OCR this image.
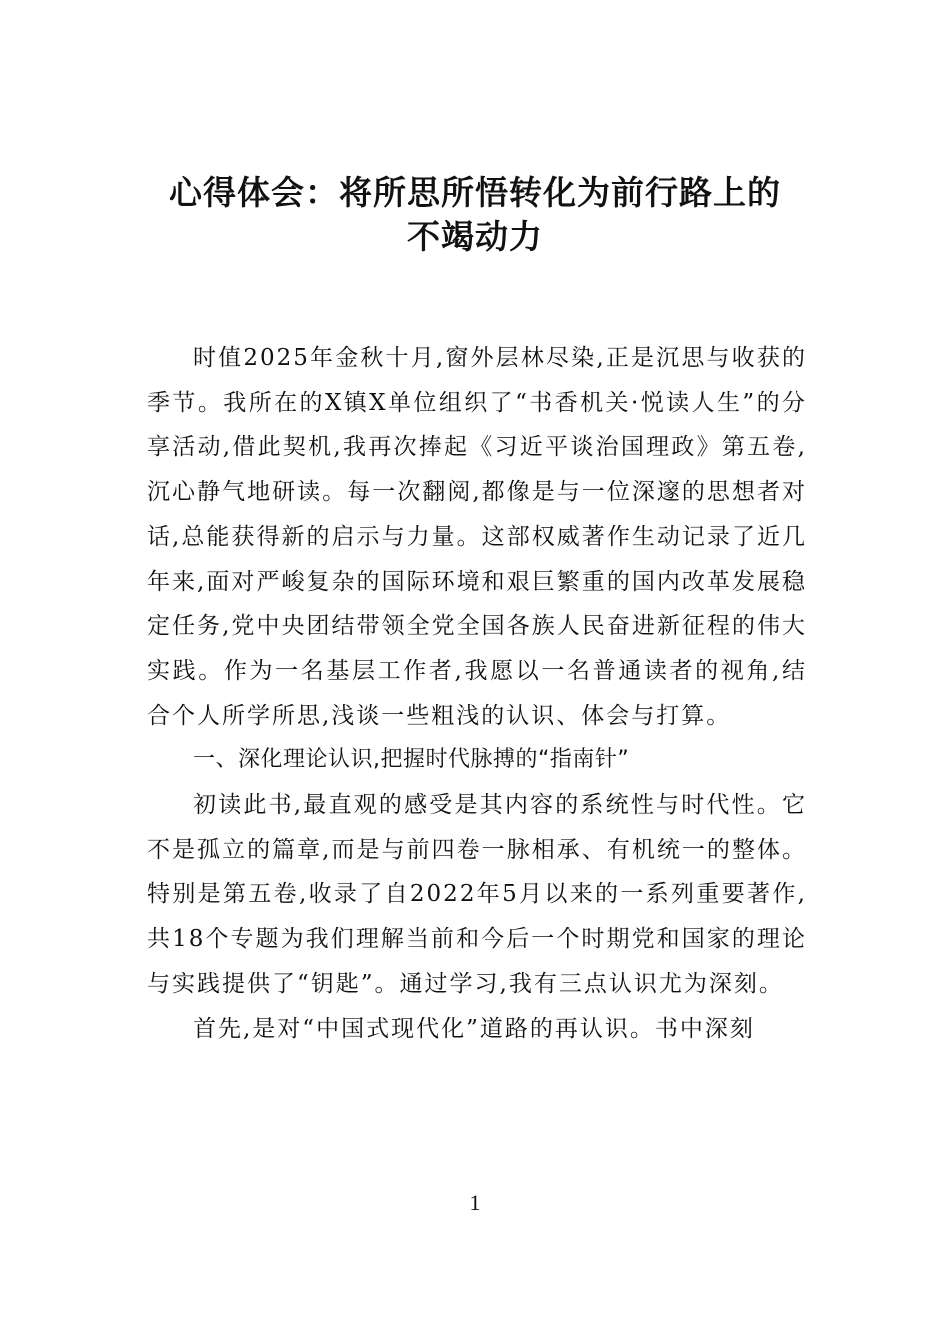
心得体会：将所思所悟转化为前行路上的
不竭动力

时值2025年金秋十月,窗外层林尽染,正是沉思与收获的季节。我所在的X镇X单位组织了“书香机关·悦读人生”的分享活动,借此契机,我再次捧起《习近平谈治国理政》第五卷,沉心静气地研读。每一次翻阅,都像是与一位深邃的思想者对话,总能获得新的启示与力量。这部权威著作生动记录了近几年来,面对严峻复杂的国际环境和艰巨繁重的国内改革发展稳定任务,党中央团结带领全党全国各族人民奋进新征程的伟大实践。作为一名基层工作者,我愿以一名普通读者的视角,结合个人所学所思,浅谈一些粗浅的认识、体会与打算。

一、深化理论认识,把握时代脉搏的“指南针”

初读此书,最直观的感受是其内容的系统性与时代性。它不是孤立的篇章,而是与前四卷一脉相承、有机统一的整体。特别是第五卷,收录了自2022年5月以来的一系列重要著作,共18个专题为我们理解当前和今后一个时期党和国家的理论与实践提供了“钥匙”。通过学习,我有三点认识尤为深刻。

首先,是对“中国式现代化”道路的再认识。书中深刻

1
